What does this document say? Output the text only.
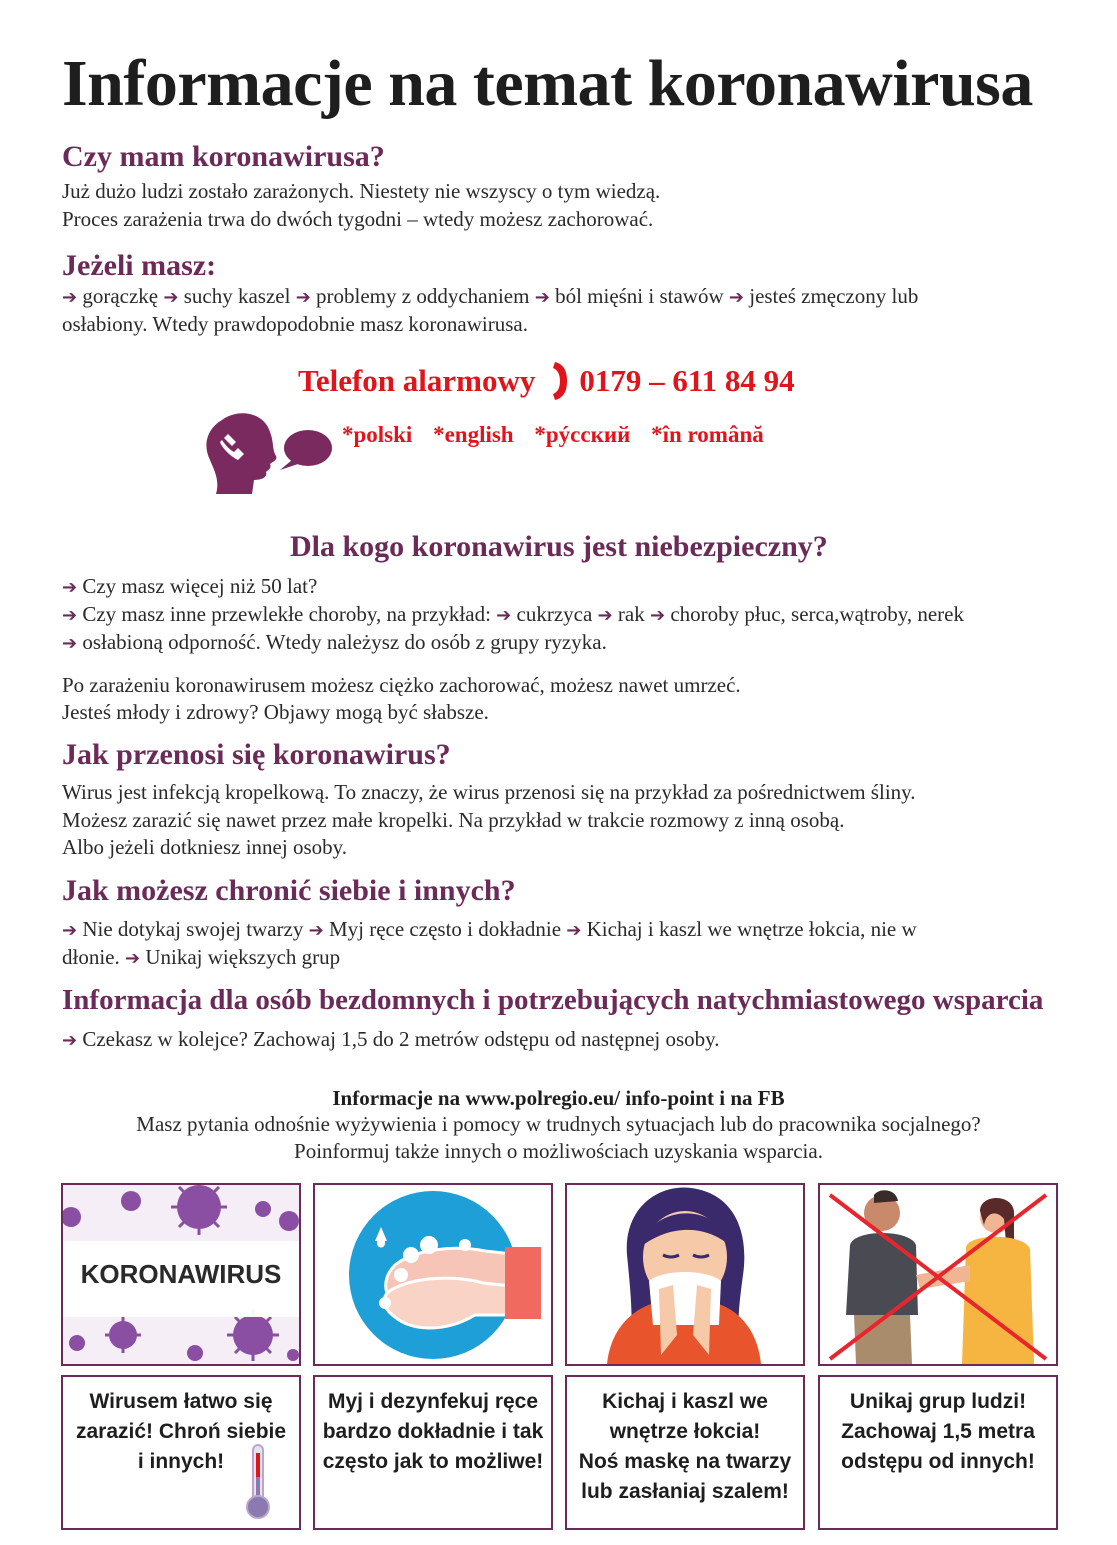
Informacje na temat koronawirusa
Czy mam koronawirusa?
Już dużo ludzi zostało zarażonych. Niestety nie wszyscy o tym wiedzą.
Proces zarażenia trwa do dwóch tygodni – wtedy możesz zachorować.
Jeżeli masz:
➔ gorączkę ➔ suchy kaszel ➔ problemy z oddychaniem ➔ ból mięśni i stawów ➔ jesteś zmęczony lub
osłabiony. Wtedy prawdopodobnie masz koronawirusa.
Telefon alarmowy 0179 – 611 84 94
*polski *english *pýсский *în română
Dla kogo koronawirus jest niebezpieczny?
➔ Czy masz więcej niż 50 lat?
➔ Czy masz inne przewlekłe choroby, na przykład: ➔ cukrzyca ➔ rak ➔ choroby płuc, serca,wątroby, nerek
➔ osłabioną odporność. Wtedy należysz do osób z grupy ryzyka.
Po zarażeniu koronawirusem możesz ciężko zachorować, możesz nawet umrzeć.
Jesteś młody i zdrowy? Objawy mogą być słabsze.
Jak przenosi się koronawirus?
Wirus jest infekcją kropelkową. To znaczy, że wirus przenosi się na przykład za pośrednictwem śliny.
Możesz zarazić się nawet przez małe kropelki. Na przykład w trakcie rozmowy z inną osobą.
Albo jeżeli dotkniesz innej osoby.
Jak możesz chronić siebie i innych?
➔ Nie dotykaj swojej twarzy ➔ Myj ręce często i dokładnie ➔ Kichaj i kaszl we wnętrze łokcia, nie w
dłonie. ➔ Unikaj większych grup
Informacja dla osób bezdomnych i potrzebujących natychmiastowego wsparcia
➔ Czekasz w kolejce? Zachowaj 1,5 do 2 metrów odstępu od następnej osoby.
Informacje na www.polregio.eu/ info-point i na FB
Masz pytania odnośnie wyżywienia i pomocy w trudnych sytuacjach lub do pracownika socjalnego?
Poinformuj także innych o możliwościach uzyskania wsparcia.
KORONAWIRUS
Wirusem łatwo się
zarazić! Chroń siebie
i innych!
Myj i dezynfekuj ręce
bardzo dokładnie i tak
często jak to możliwe!
Kichaj i kaszl we
wnętrze łokcia!
Noś maskę na twarzy
lub zasłaniaj szalem!
Unikaj grup ludzi!
Zachowaj 1,5 metra
odstępu od innych!
